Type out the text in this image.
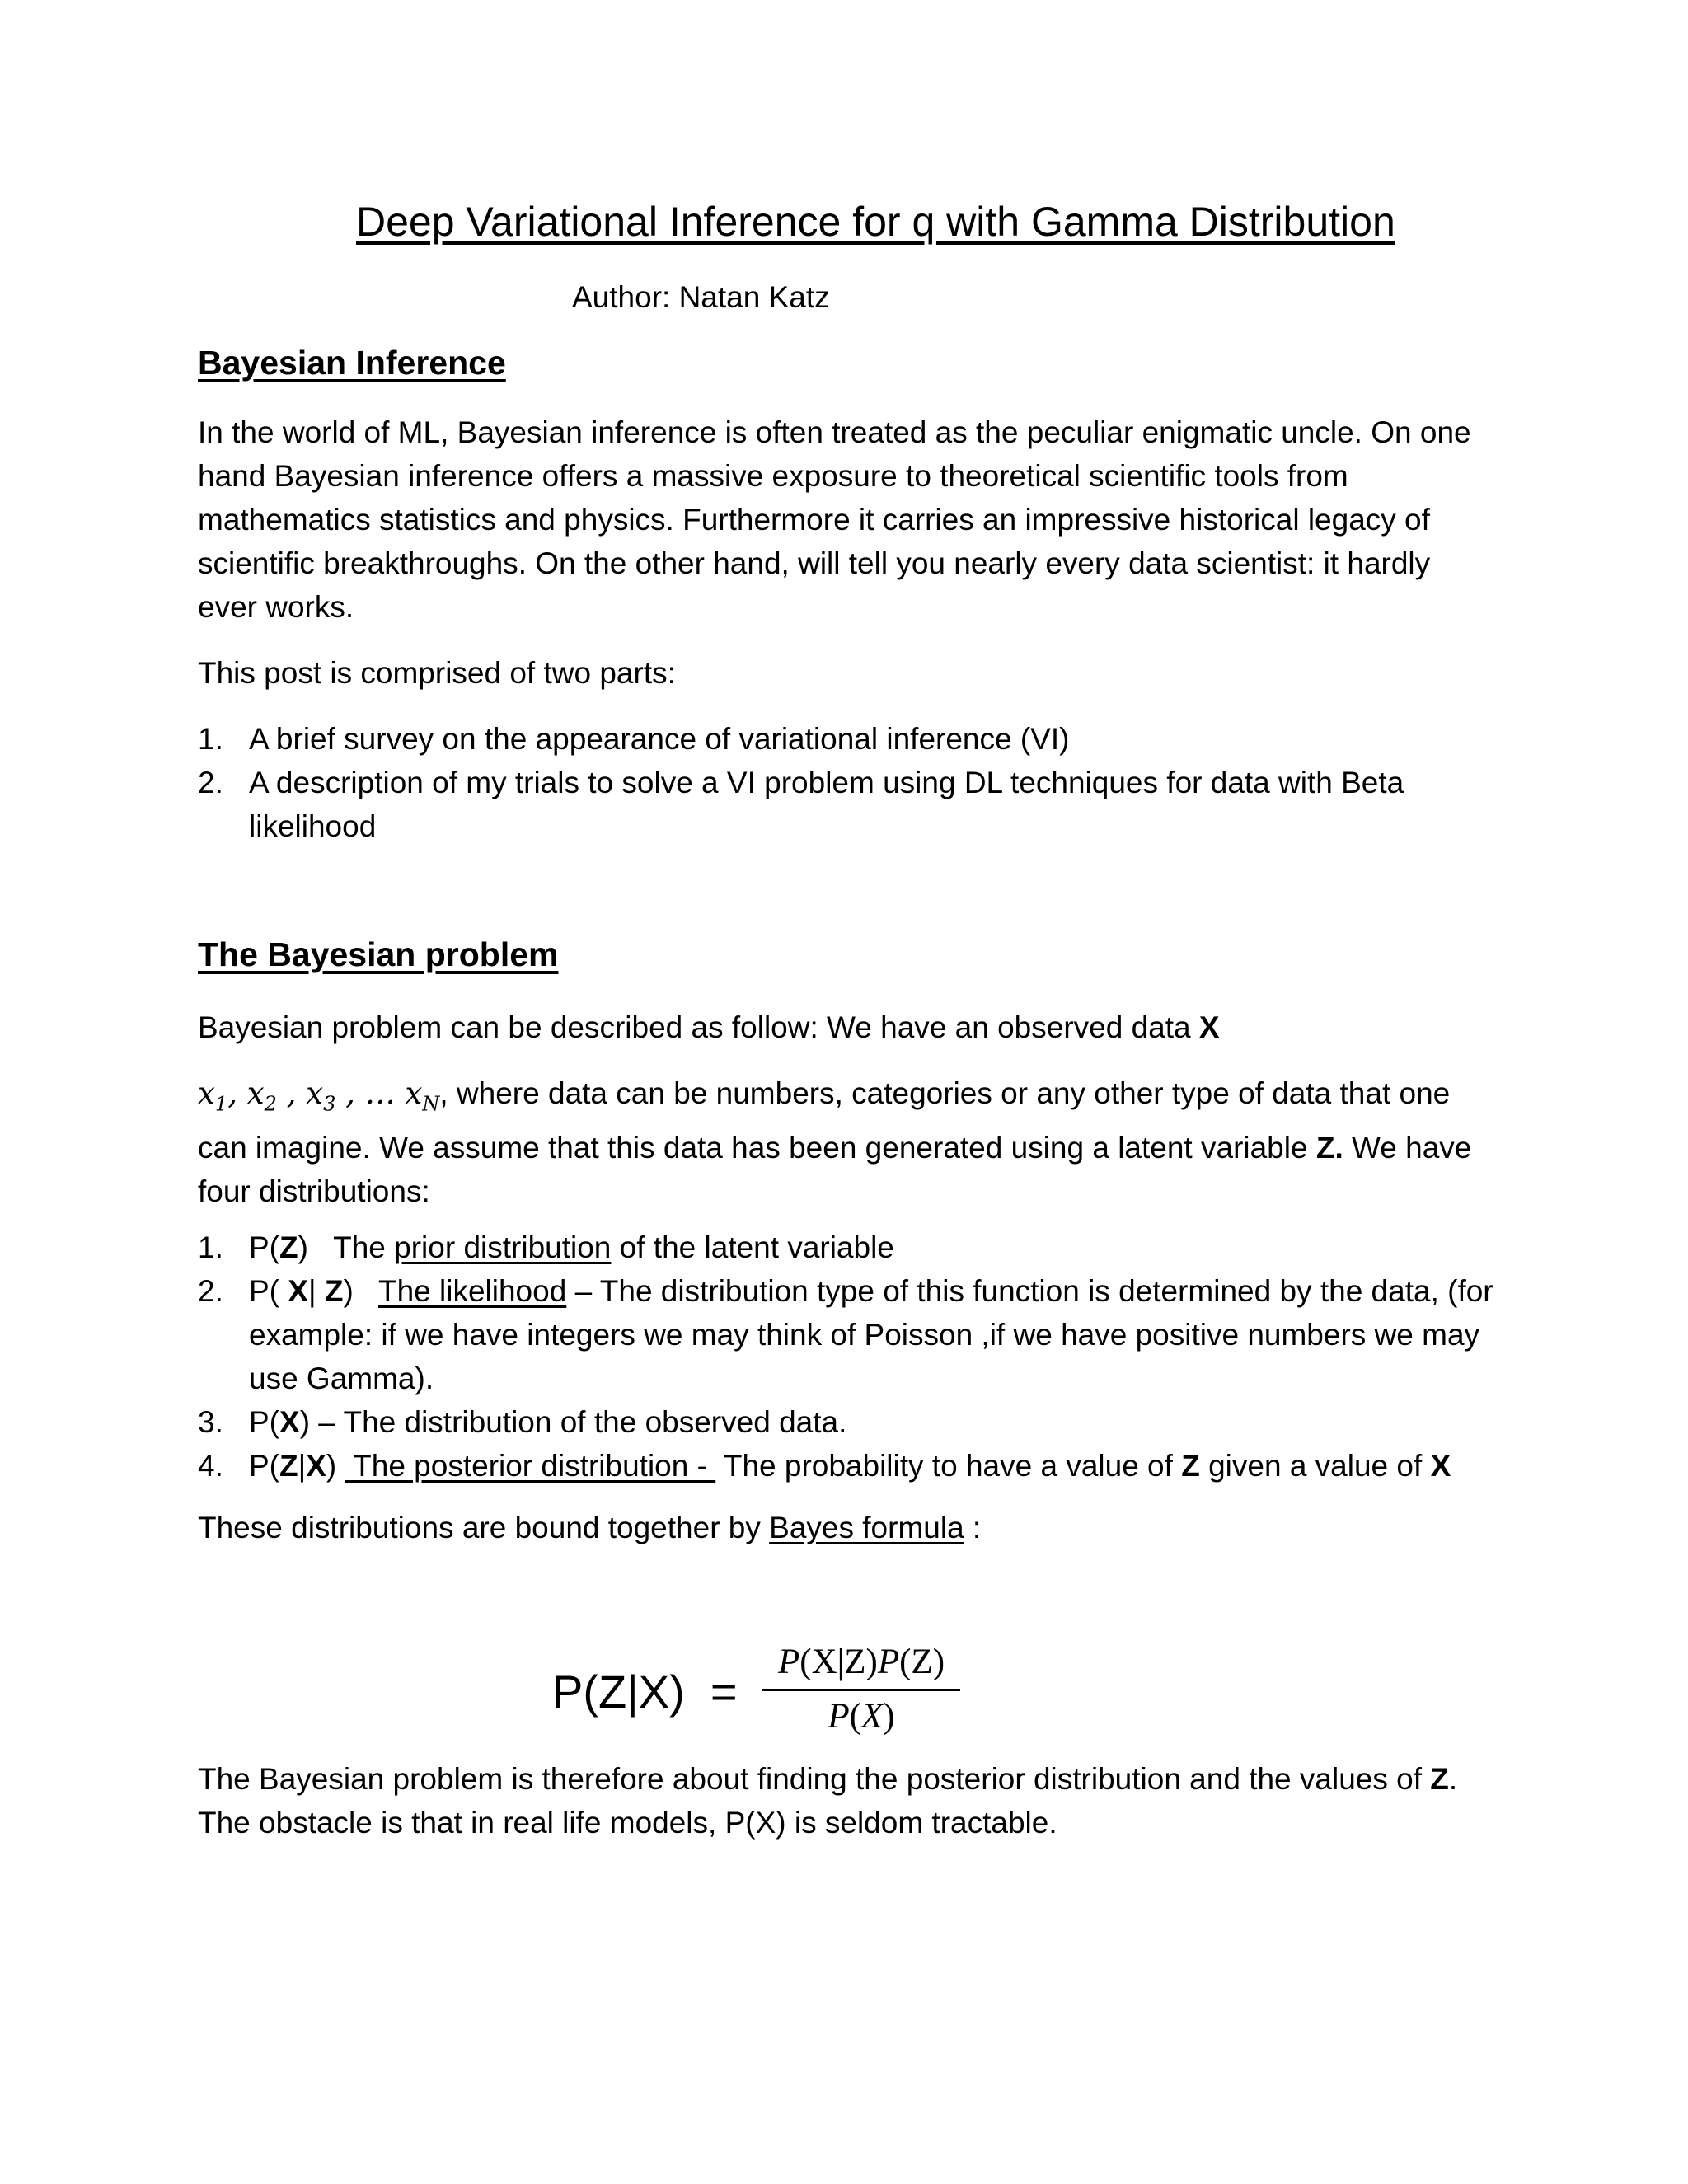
Deep Variational Inference for q with Gamma Distribution
Author: Natan Katz
Bayesian Inference
In the world of ML, Bayesian inference is often treated as the peculiar enigmatic uncle. On one hand Bayesian inference offers a massive exposure to theoretical scientific tools from mathematics statistics and physics. Furthermore it carries an impressive historical legacy of scientific breakthroughs. On the other hand, will tell you nearly every data scientist: it hardly ever works.
This post is comprised of two parts:
1. A brief survey on the appearance of variational inference (VI)
2. A description of my trials to solve a VI problem using DL techniques for data with Beta likelihood
The Bayesian problem
Bayesian problem can be described as follow: We have an observed data X
$x_1$, $x_2$ , $x_3$ , … $x_N$, where data can be numbers, categories or any other type of data that one can imagine. We assume that this data has been generated using a latent variable Z. We have four distributions:
1. P(Z)   The prior distribution of the latent variable
2. P( X| Z)   The likelihood – The distribution type of this function is determined by the data, (for example: if we have integers we may think of Poisson ,if we have positive numbers we may use Gamma).
3. P(X) – The distribution of the observed data.
4. P(Z|X)  The posterior distribution -  The probability to have a value of Z given a value of X
These distributions are bound together by Bayes formula :
$P(Z|X) = \frac{P(X|Z)P(Z)}{P(X)}$
The Bayesian problem is therefore about finding the posterior distribution and the values of Z. The obstacle is that in real life models, P(X) is seldom tractable.
